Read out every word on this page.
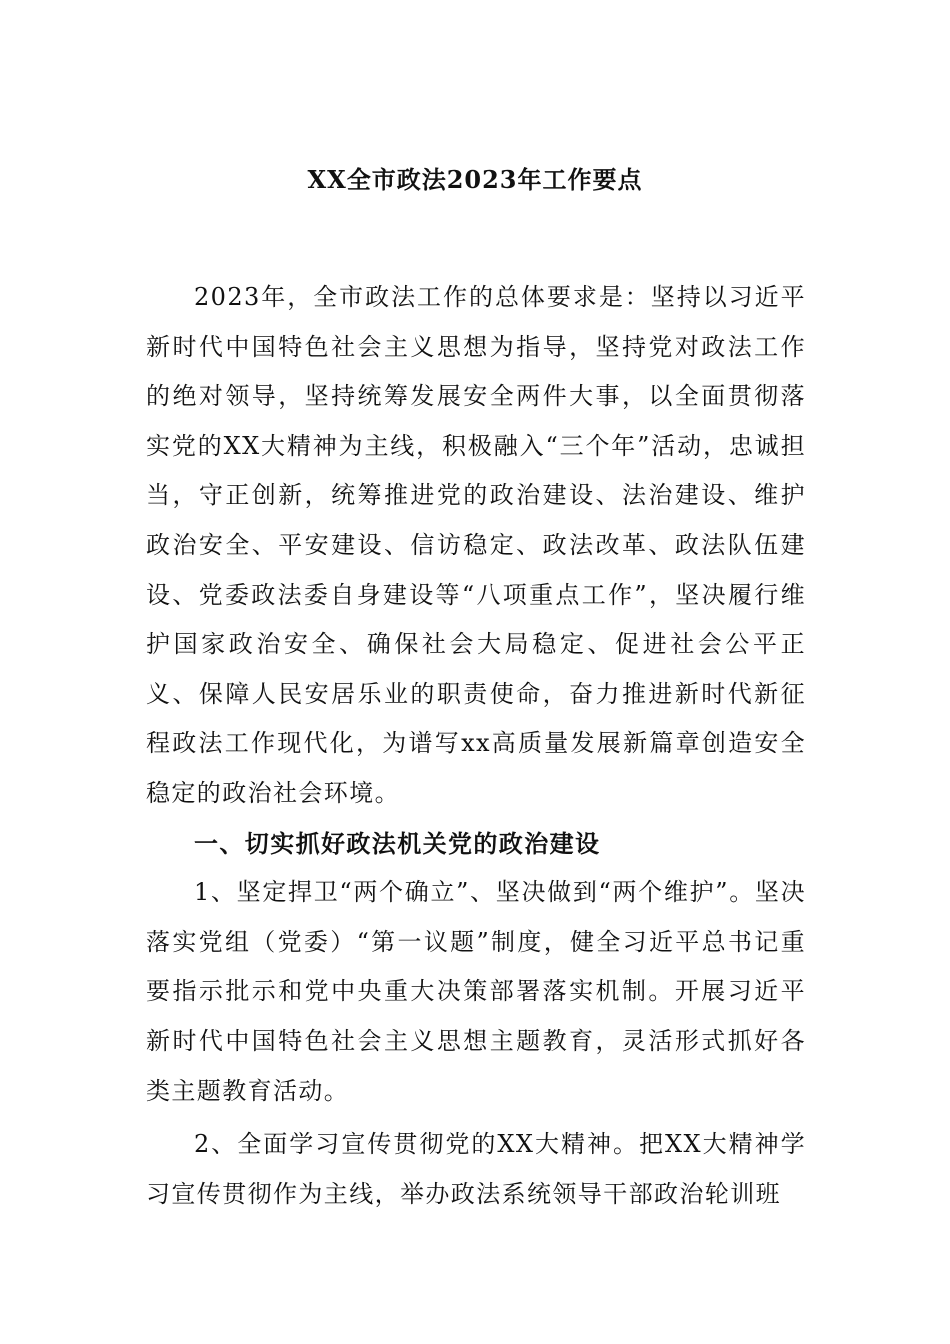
XX全市政法2023年工作要点

2023年，全市政法工作的总体要求是：坚持以习近平新时代中国特色社会主义思想为指导，坚持党对政法工作的绝对领导，坚持统筹发展安全两件大事，以全面贯彻落实党的XX大精神为主线，积极融入“三个年”活动，忠诚担当，守正创新，统筹推进党的政治建设、法治建设、维护政治安全、平安建设、信访稳定、政法改革、政法队伍建设、党委政法委自身建设等“八项重点工作”，坚决履行维护国家政治安全、确保社会大局稳定、促进社会公平正义、保障人民安居乐业的职责使命，奋力推进新时代新征程政法工作现代化，为谱写xx高质量发展新篇章创造安全稳定的政治社会环境。

一、切实抓好政法机关党的政治建设

1、坚定捍卫“两个确立”、坚决做到“两个维护”。坚决落实党组（党委）“第一议题”制度，健全习近平总书记重要指示批示和党中央重大决策部署落实机制。开展习近平新时代中国特色社会主义思想主题教育，灵活形式抓好各类主题教育活动。

2、全面学习宣传贯彻党的XX大精神。把XX大精神学习宣传贯彻作为主线，举办政法系统领导干部政治轮训班
